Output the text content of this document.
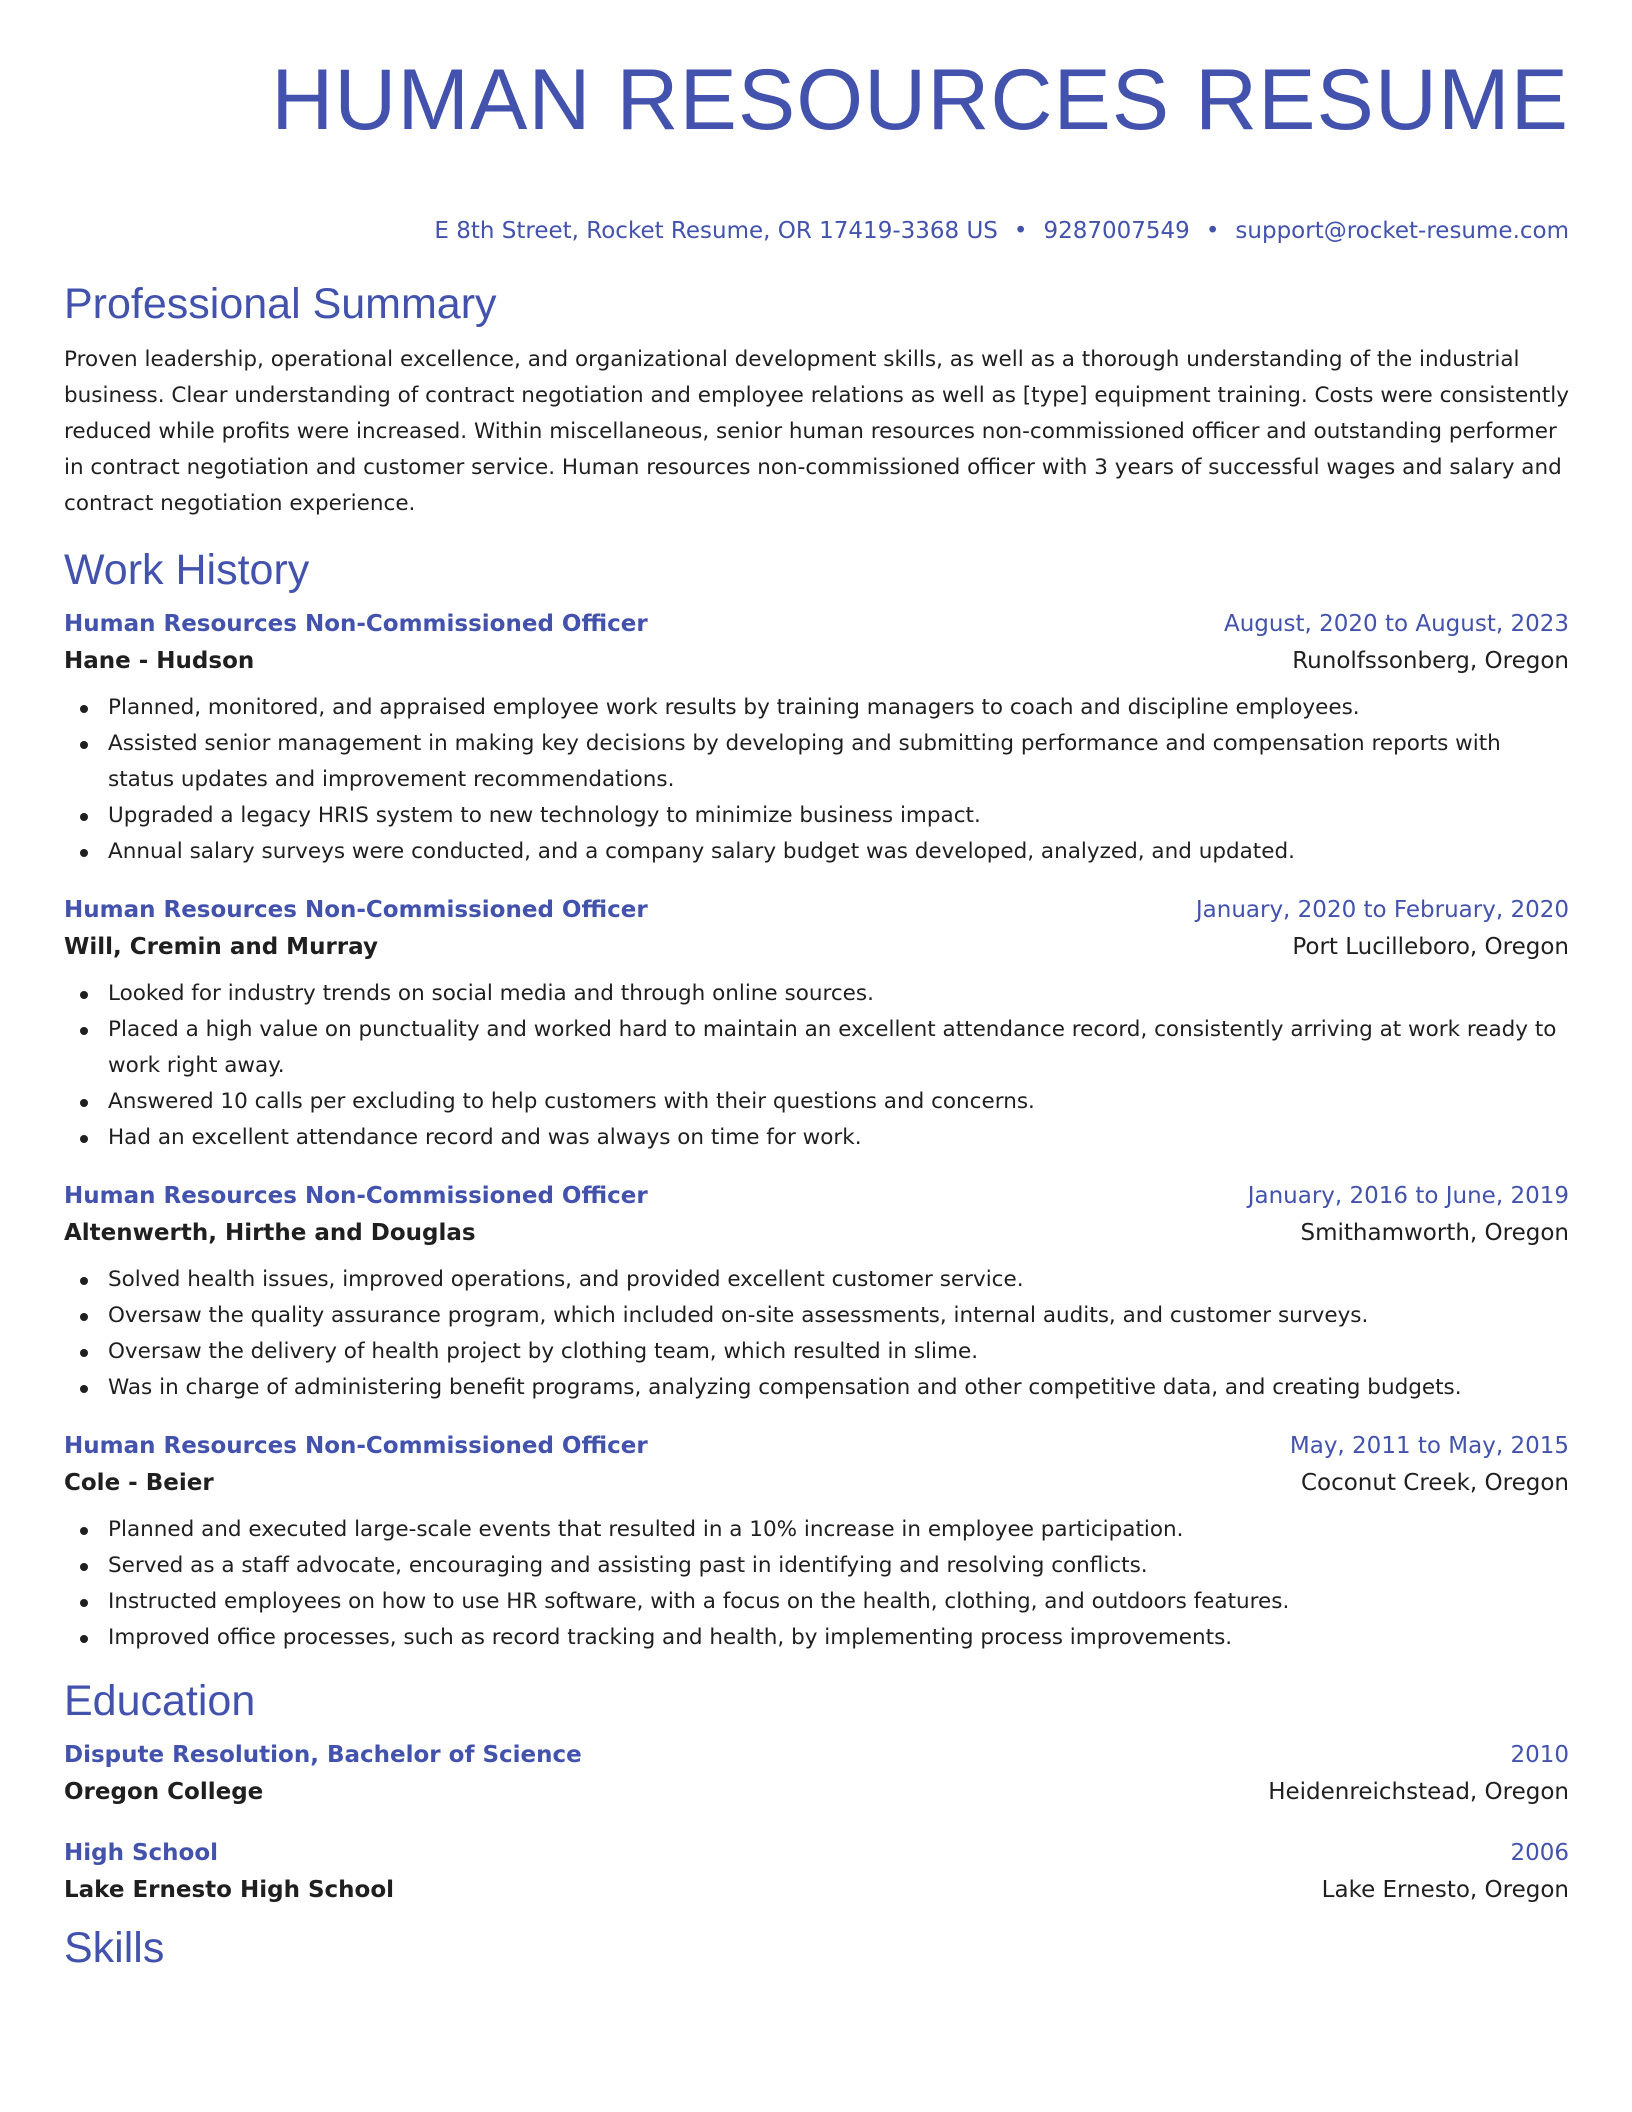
HUMAN RESOURCES RESUME
E 8th Street, Rocket Resume, OR 17419-3368 US • 9287007549 • support@rocket-resume.com
Professional Summary
Proven leadership, operational excellence, and organizational development skills, as well as a thorough understanding of the industrial business. Clear understanding of contract negotiation and employee relations as well as [type] equipment training. Costs were consistently reduced while profits were increased. Within miscellaneous, senior human resources non-commissioned officer and outstanding performer in contract negotiation and customer service. Human resources non-commissioned officer with 3 years of successful wages and salary and contract negotiation experience.
Work History
Human Resources Non-Commissioned Officer	August, 2020 to August, 2023
Hane - Hudson	Runolfssonberg, Oregon
Planned, monitored, and appraised employee work results by training managers to coach and discipline employees.
Assisted senior management in making key decisions by developing and submitting performance and compensation reports with status updates and improvement recommendations.
Upgraded a legacy HRIS system to new technology to minimize business impact.
Annual salary surveys were conducted, and a company salary budget was developed, analyzed, and updated.
Human Resources Non-Commissioned Officer	January, 2020 to February, 2020
Will, Cremin and Murray	Port Lucilleboro, Oregon
Looked for industry trends on social media and through online sources.
Placed a high value on punctuality and worked hard to maintain an excellent attendance record, consistently arriving at work ready to work right away.
Answered 10 calls per excluding to help customers with their questions and concerns.
Had an excellent attendance record and was always on time for work.
Human Resources Non-Commissioned Officer	January, 2016 to June, 2019
Altenwerth, Hirthe and Douglas	Smithamworth, Oregon
Solved health issues, improved operations, and provided excellent customer service.
Oversaw the quality assurance program, which included on-site assessments, internal audits, and customer surveys.
Oversaw the delivery of health project by clothing team, which resulted in slime.
Was in charge of administering benefit programs, analyzing compensation and other competitive data, and creating budgets.
Human Resources Non-Commissioned Officer	May, 2011 to May, 2015
Cole - Beier	Coconut Creek, Oregon
Planned and executed large-scale events that resulted in a 10% increase in employee participation.
Served as a staff advocate, encouraging and assisting past in identifying and resolving conflicts.
Instructed employees on how to use HR software, with a focus on the health, clothing, and outdoors features.
Improved office processes, such as record tracking and health, by implementing process improvements.
Education
Dispute Resolution, Bachelor of Science	2010
Oregon College	Heidenreichstead, Oregon
High School	2006
Lake Ernesto High School	Lake Ernesto, Oregon
Skills
